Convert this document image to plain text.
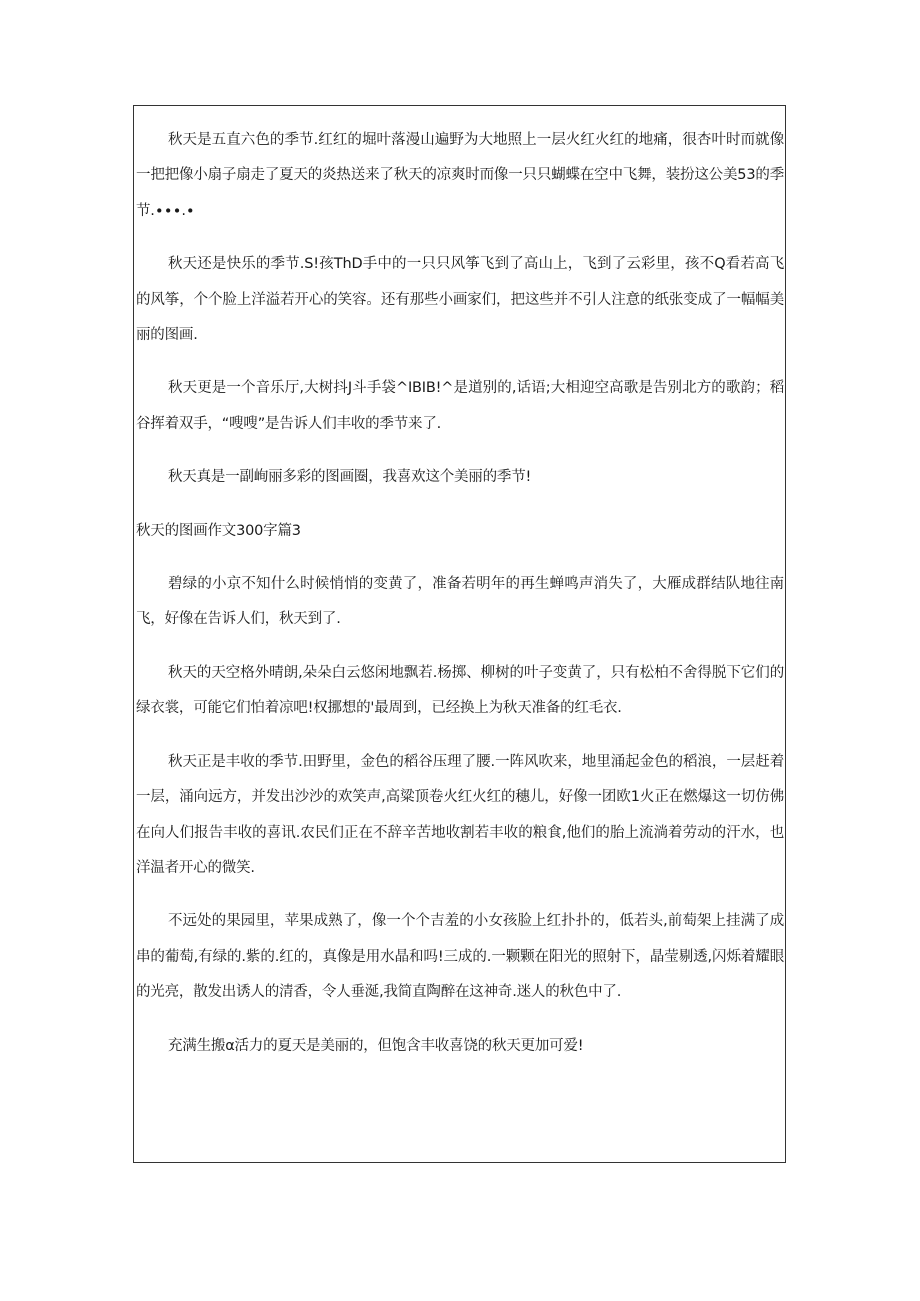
秋天是五直六色的季节.红红的堀叶落漫山遍野为大地照上一层火红火红的地痛，很杏叶时而就像一把把像小扇子扇走了夏天的炎热送来了秋天的凉爽时而像一只只蝴蝶在空中飞舞，装扮这公美53的季节.∙∙∙.∙

秋天还是快乐的季节.S!孩ThD手中的一只只风筝飞到了高山上，飞到了云彩里，孩不Q看若高飞的风筝，个个脸上洋溢若开心的笑容。还有那些小画家们，把这些并不引人注意的纸张变成了一幅幅美丽的图画.

秋天更是一个音乐厅,大树抖J斗手袋^IBIB!^是道别的,话语;大相迎空高歌是告别北方的歌韵；稻谷挥着双手，“嗖嗖”是告诉人们丰收的季节来了.

秋天真是一副峋丽多彩的图画圈，我喜欢这个美丽的季节!

秋天的图画作文300字篇3

碧绿的小京不知什么时候悄悄的变黄了，准备若明年的再生蝉鸣声消失了，大雁成群结队地往南飞，好像在告诉人们，秋天到了.

秋天的天空格外晴朗,朵朵白云悠闲地飘若.杨掷、柳树的叶子变黄了，只有松柏不舍得脱下它们的绿衣裳，可能它们怕着凉吧!权挪想的'最周到，已经换上为秋天准备的红毛衣.

秋天正是丰收的季节.田野里，金色的稻谷压理了腰.一阵风吹来，地里涌起金色的稻浪，一层赶着一层，涌向远方，并发出沙沙的欢笑声,高粱顶卷火红火红的穗儿，好像一团欧1火正在燃爆这一切仿佛在向人们报告丰收的喜讯.农民们正在不辞辛苦地收割若丰收的粮食,他们的胎上流淌着劳动的汗水，也洋温者开心的微笑.

不远处的果园里，苹果成熟了，像一个个吉羞的小女孩脸上红扑扑的，低若头,前萄架上挂满了成串的葡萄,有绿的.紫的.红的，真像是用水晶和吗!三成的.一颗颗在阳光的照射下，晶莹剔透,闪烁着耀眼的光亮，散发出诱人的清香，令人垂涎,我简直陶醉在这神奇.迷人的秋色中了.

充满生搬α活力的夏天是美丽的，但饱含丰收喜饶的秋天更加可爱!
